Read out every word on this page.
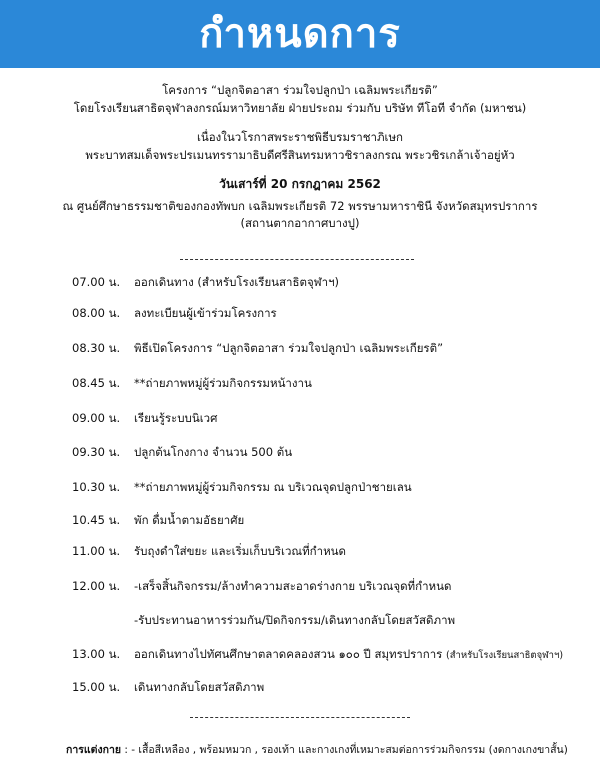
กำหนดการ
โครงการ “ปลูกจิตอาสา ร่วมใจปลูกป่า เฉลิมพระเกียรติ”
โดยโรงเรียนสาธิตจุฬาลงกรณ์มหาวิทยาลัย ฝ่ายประถม ร่วมกับ บริษัท ทีโอที จำกัด (มหาชน)
เนื่องในวโรกาสพระราชพิธีบรมราชาภิเษก
พระบาทสมเด็จพระปรเมนทรรามาธิบดีศรีสินทรมหาวชิราลงกรณ พระวชิรเกล้าเจ้าอยู่หัว
วันเสาร์ที่ 20 กรกฎาคม 2562
ณ ศูนย์ศึกษาธรรมชาติของกองทัพบก เฉลิมพระเกียรติ 72 พรรษามหาราชินี จังหวัดสมุทรปราการ
(สถานตากอากาศบางปู)
07.00 น.	ออกเดินทาง (สำหรับโรงเรียนสาธิตจุฬาฯ)
08.00 น.	ลงทะเบียนผู้เข้าร่วมโครงการ
08.30 น.	พิธีเปิดโครงการ “ปลูกจิตอาสา ร่วมใจปลูกป่า เฉลิมพระเกียรติ”
08.45 น.	**ถ่ายภาพหมู่ผู้ร่วมกิจกรรมหน้างาน
09.00 น.	เรียนรู้ระบบนิเวศ
09.30 น.	ปลูกต้นโกงกาง จำนวน 500 ต้น
10.30 น.	**ถ่ายภาพหมู่ผู้ร่วมกิจกรรม ณ บริเวณจุดปลูกป่าชายเลน
10.45 น.	พัก ดื่มน้ำตามอัธยาศัย
11.00 น.	รับถุงดำใส่ขยะ และเริ่มเก็บบริเวณที่กำหนด
12.00 น.	-เสร็จสิ้นกิจกรรม/ล้างทำความสะอาดร่างกาย บริเวณจุดที่กำหนด
-รับประทานอาหารร่วมกัน/ปิดกิจกรรม/เดินทางกลับโดยสวัสดิภาพ
13.00 น.	ออกเดินทางไปทัศนศึกษาตลาดคลองสวน ๑๐๐ ปี สมุทรปราการ (สำหรับโรงเรียนสาธิตจุฬาฯ)
15.00 น.	เดินทางกลับโดยสวัสดิภาพ
การแต่งกาย : - เสื้อสีเหลือง , พร้อมหมวก , รองเท้า และกางเกงที่เหมาะสมต่อการร่วมกิจกรรม (งดกางเกงขาสั้น)
